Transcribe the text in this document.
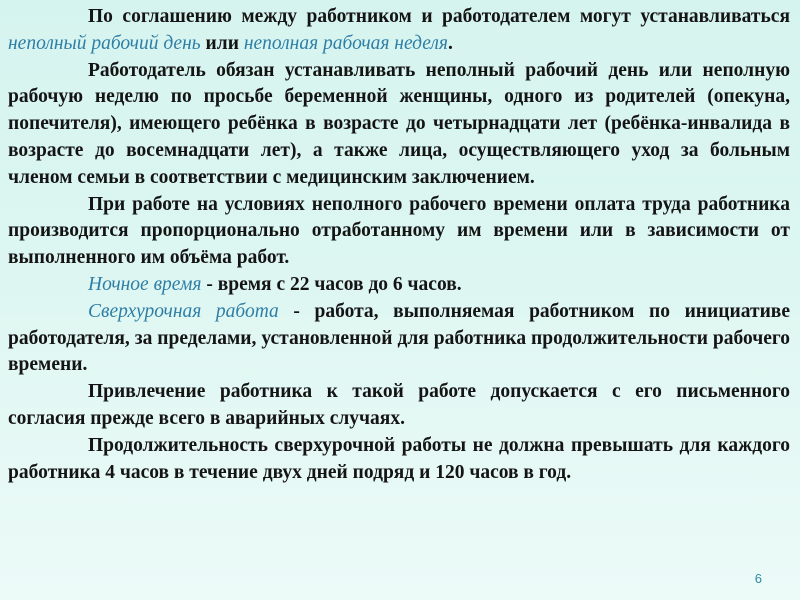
По соглашению между работником и работодателем могут устанавливаться неполный рабочий день или неполная рабочая неделя.

Работодатель обязан устанавливать неполный рабочий день или неполную рабочую неделю по просьбе беременной женщины, одного из родителей (опекуна, попечителя), имеющего ребёнка в возрасте до четырнадцати лет (ребёнка-инвалида в возрасте до восемнадцати лет), а также лица, осуществляющего уход за больным членом семьи в соответствии с медицинским заключением.

При работе на условиях неполного рабочего времени оплата труда работника производится пропорционально отработанному им времени или в зависимости от выполненного им объёма работ.

Ночное время - время с 22 часов до 6 часов.

Сверхурочная работа - работа, выполняемая работником по инициативе работодателя, за пределами, установленной для работника продолжительности рабочего времени.

Привлечение работника к такой работе допускается с его письменного согласия прежде всего в аварийных случаях.

Продолжительность сверхурочной работы не должна превышать для каждого работника 4 часов в течение двух дней подряд и 120 часов в год.

6
